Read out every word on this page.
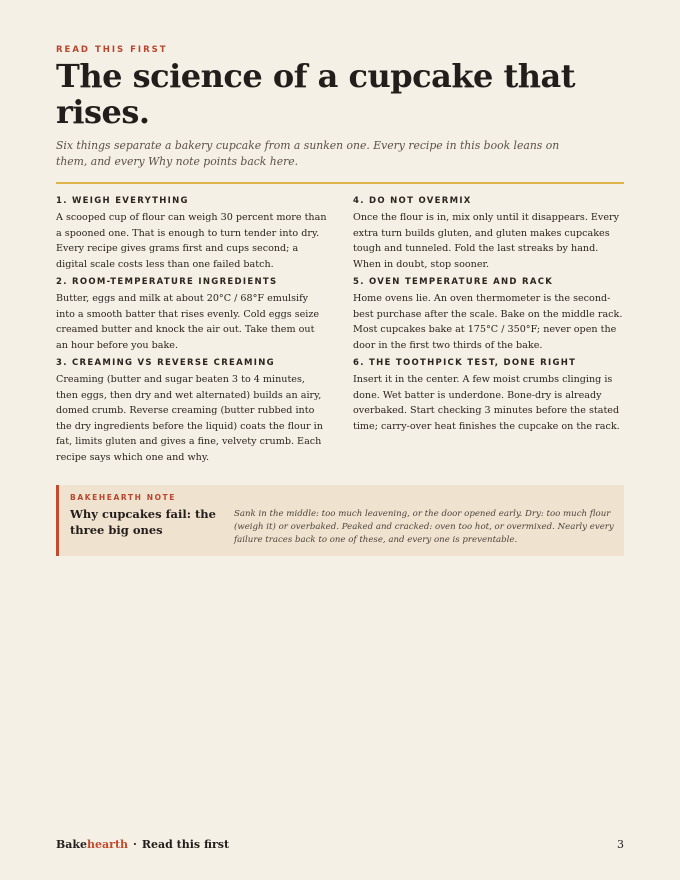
READ THIS FIRST
The science of a cupcake that rises.

Six things separate a bakery cupcake from a sunken one. Every recipe in this book leans on them, and every Why note points back here.

1. WEIGH EVERYTHING

A scooped cup of flour can weigh 30 percent more than a spooned one. That is enough to turn tender into dry. Every recipe gives grams first and cups second; a digital scale costs less than one failed batch.

2. ROOM-TEMPERATURE INGREDIENTS

Butter, eggs and milk at about 20°C / 68°F emulsify into a smooth batter that rises evenly. Cold eggs seize creamed butter and knock the air out. Take them out an hour before you bake.

3. CREAMING VS REVERSE CREAMING

Creaming (butter and sugar beaten 3 to 4 minutes, then eggs, then dry and wet alternated) builds an airy, domed crumb. Reverse creaming (butter rubbed into the dry ingredients before the liquid) coats the flour in fat, limits gluten and gives a fine, velvety crumb. Each recipe says which one and why.

4. DO NOT OVERMIX

Once the flour is in, mix only until it disappears. Every extra turn builds gluten, and gluten makes cupcakes tough and tunneled. Fold the last streaks by hand. When in doubt, stop sooner.

5. OVEN TEMPERATURE AND RACK

Home ovens lie. An oven thermometer is the second-best purchase after the scale. Bake on the middle rack. Most cupcakes bake at 175°C / 350°F; never open the door in the first two thirds of the bake.

6. THE TOOTHPICK TEST, DONE RIGHT

Insert it in the center. A few moist crumbs clinging is done. Wet batter is underdone. Bone-dry is already overbaked. Start checking 3 minutes before the stated time; carry-over heat finishes the cupcake on the rack.

BAKEHEARTH NOTE
Why cupcakes fail: the three big ones

Sank in the middle: too much leavening, or the door opened early. Dry: too much flour (weigh it) or overbaked. Peaked and cracked: oven too hot, or overmixed. Nearly every failure traces back to one of these, and every one is preventable.

Bakehearth · Read this first	3
